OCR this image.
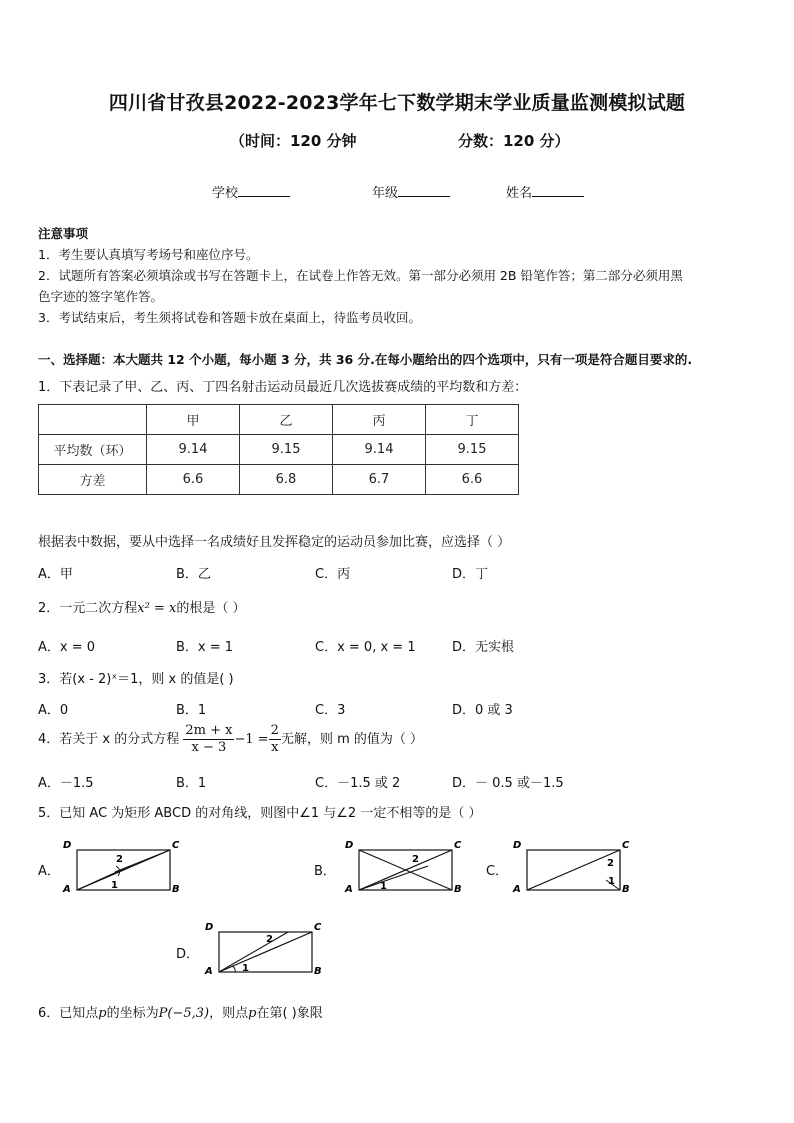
四川省甘孜县2022-2023学年七下数学期末学业质量监测模拟试题
（时间：120 分钟	分数：120 分）
学校	年级	姓名
注意事项
1．考生要认真填写考场号和座位序号。
2．试题所有答案必须填涂或书写在答题卡上，在试卷上作答无效。第一部分必须用 2B 铅笔作答；第二部分必须用黑
色字迹的签字笔作答。
3．考试结束后，考生须将试卷和答题卡放在桌面上，待监考员收回。
一、选择题：本大题共 12 个小题，每小题 3 分，共 36 分.在每小题给出的四个选项中，只有一项是符合题目要求的.
1．下表记录了甲、乙、丙、丁四名射击运动员最近几次选拔赛成绩的平均数和方差：
	甲	乙	丙	丁
平均数（环）	9.14	9.15	9.14	9.15
方差	6.6	6.8	6.7	6.6
根据表中数据，要从中选择一名成绩好且发挥稳定的运动员参加比赛，应选择（ ）
A．甲	B．乙	C．丙	D．丁
2．一元二次方程x² = x的根是（ ）
A．x = 0	B．x = 1	C．x = 0, x = 1	D．无实根
3．若(x - 2)ˣ＝1，则 x 的值是( )
A．0	B．1	C．3	D．0 或 3
4．若关于 x 的分式方程 $\frac{2m + x}{x - 3} -1 = \frac{2}{x}$ 无解，则 m 的值为（ ）
A．－1.5	B．1	C．－1.5 或 2	D．－ 0.5 或－1.5
5．已知 AC 为矩形 ABCD 的对角线，则图中∠1 与∠2 一定不相等的是（ ）
A．	B．	C．
D．
D	C
A	B
2
1
D	C
A	B
2
1
D	C
A	B
2
1
D	C
A	B
2
1
6．已知点p的坐标为P(−5,3)，则点p在第( )象限
